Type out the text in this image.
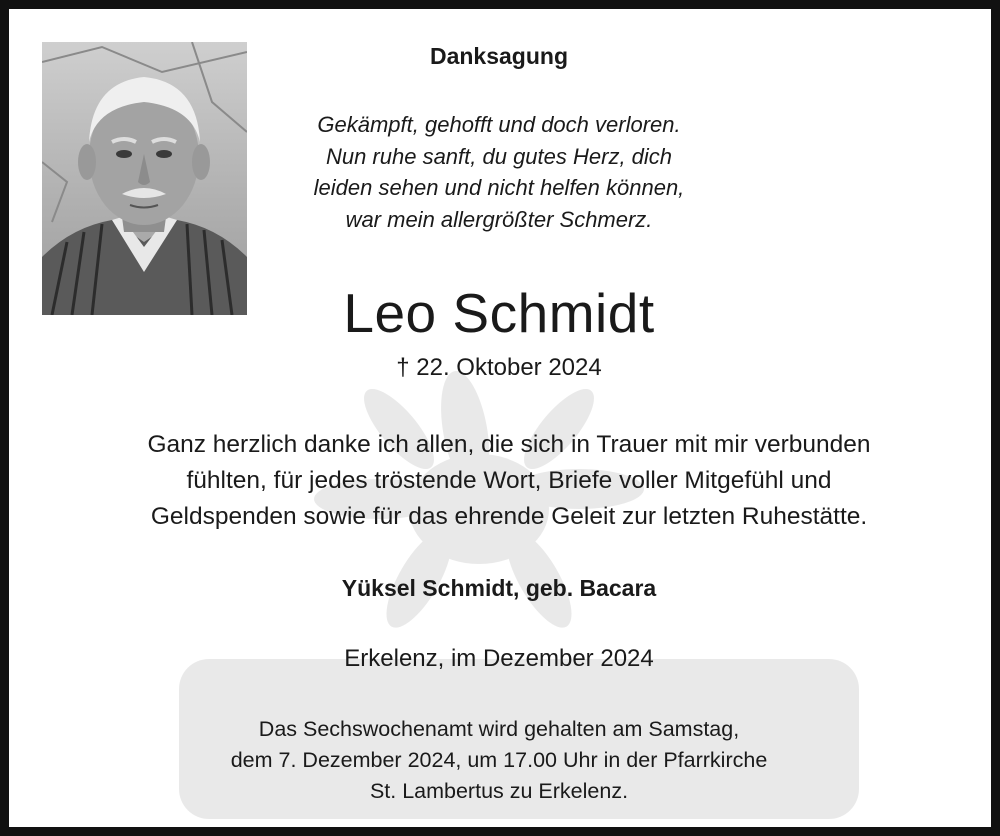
Danksagung
Gekämpft, gehofft und doch verloren.
Nun ruhe sanft, du gutes Herz, dich
leiden sehen und nicht helfen können,
war mein allergrößter Schmerz.
Leo Schmidt
† 22. Oktober 2024
Ganz herzlich danke ich allen, die sich in Trauer mit mir verbunden
fühlten, für jedes tröstende Wort, Briefe voller Mitgefühl und
Geldspenden sowie für das ehrende Geleit zur letzten Ruhestätte.
Yüksel Schmidt, geb. Bacara
Erkelenz, im Dezember 2024
Das Sechswochenamt wird gehalten am Samstag,
dem 7. Dezember 2024, um 17.00 Uhr in der Pfarrkirche
St. Lambertus zu Erkelenz.
